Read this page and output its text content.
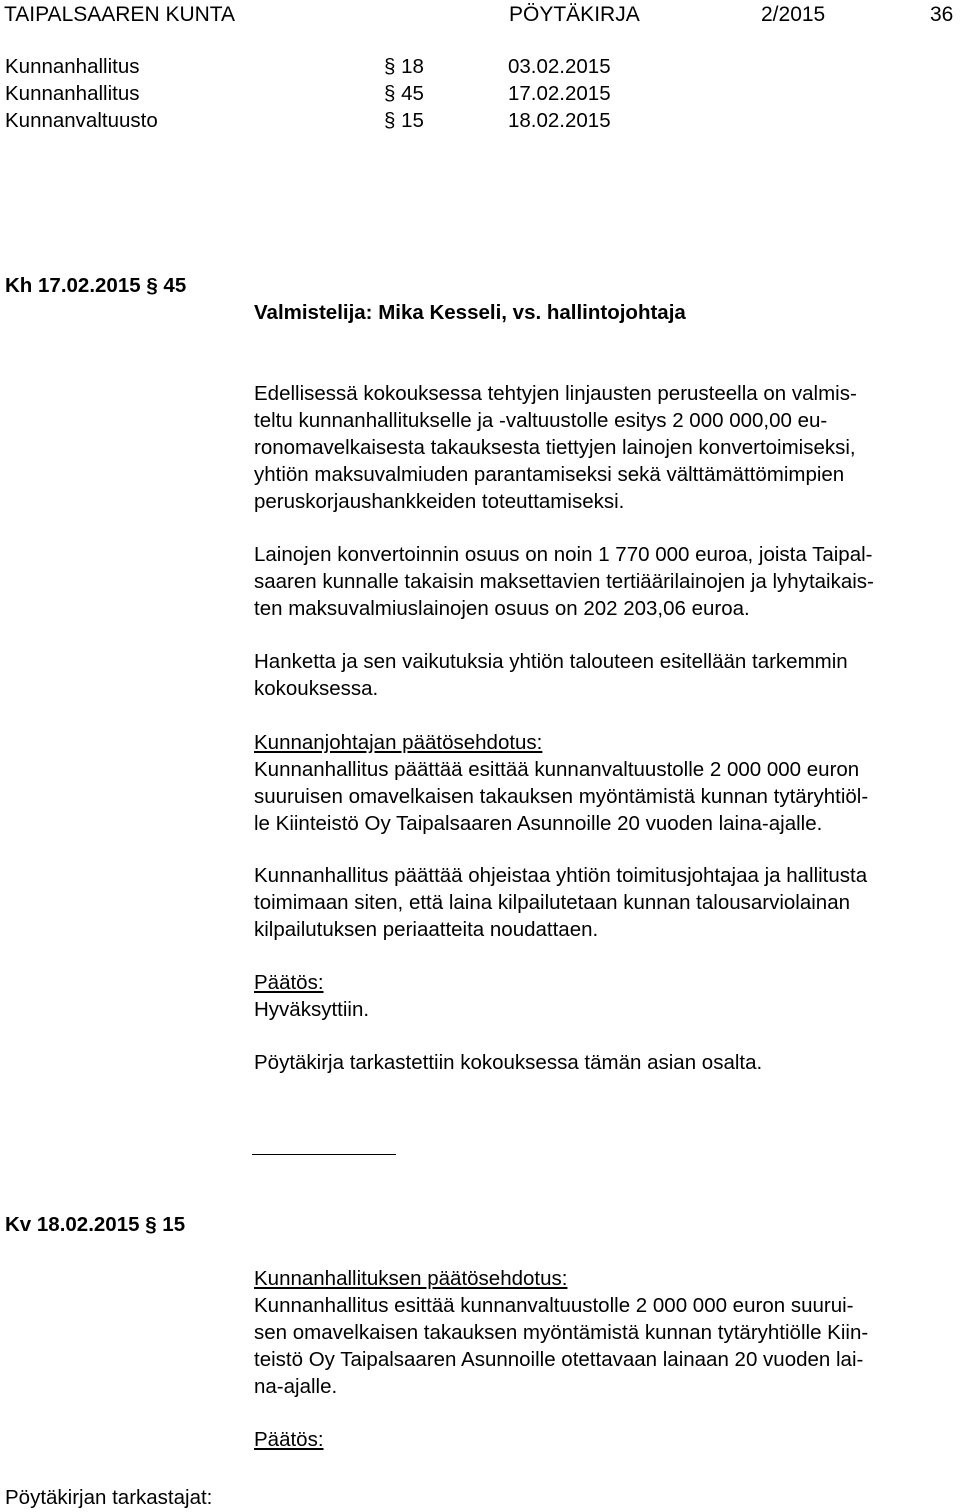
TAIPALSAAREN KUNTA	PÖYTÄKIRJA	2/2015	36
Kunnanhallitus	§ 18	03.02.2015
Kunnanhallitus	§ 45	17.02.2015
Kunnanvaltuusto	§ 15	18.02.2015
Kh 17.02.2015 § 45
Valmistelija: Mika Kesseli, vs. hallintojohtaja
Edellisessä kokouksessa tehtyjen linjausten perusteella on valmis-
teltu kunnanhallitukselle ja -valtuustolle esitys 2 000 000,00 eu-
ronomavelkaisesta takauksesta tiettyjen lainojen konvertoimiseksi,
yhtiön maksuvalmiuden parantamiseksi sekä välttämättömimpien
peruskorjaushankkeiden toteuttamiseksi.
Lainojen konvertoinnin osuus on noin 1 770 000 euroa, joista Taipal-
saaren kunnalle takaisin maksettavien tertiäärilainojen ja lyhytaikais-
ten maksuvalmiuslainojen osuus on 202 203,06 euroa.
Hanketta ja sen vaikutuksia yhtiön talouteen esitellään tarkemmin
kokouksessa.
Kunnanjohtajan päätösehdotus:
Kunnanhallitus päättää esittää kunnanvaltuustolle 2 000 000 euron
suuruisen omavelkaisen takauksen myöntämistä kunnan tytäryhtiöl-
le Kiinteistö Oy Taipalsaaren Asunnoille 20 vuoden laina-ajalle.
Kunnanhallitus päättää ohjeistaa yhtiön toimitusjohtajaa ja hallitusta
toimimaan siten, että laina kilpailutetaan kunnan talousarviolainan
kilpailutuksen periaatteita noudattaen.
Päätös:
Hyväksyttiin.
Pöytäkirja tarkastettiin kokouksessa tämän asian osalta.
Kv 18.02.2015 § 15
Kunnanhallituksen päätösehdotus:
Kunnanhallitus esittää kunnanvaltuustolle 2 000 000 euron suurui-
sen omavelkaisen takauksen myöntämistä kunnan tytäryhtiölle Kiin-
teistö Oy Taipalsaaren Asunnoille otettavaan lainaan 20 vuoden lai-
na-ajalle.
Päätös:
Pöytäkirjan tarkastajat:
